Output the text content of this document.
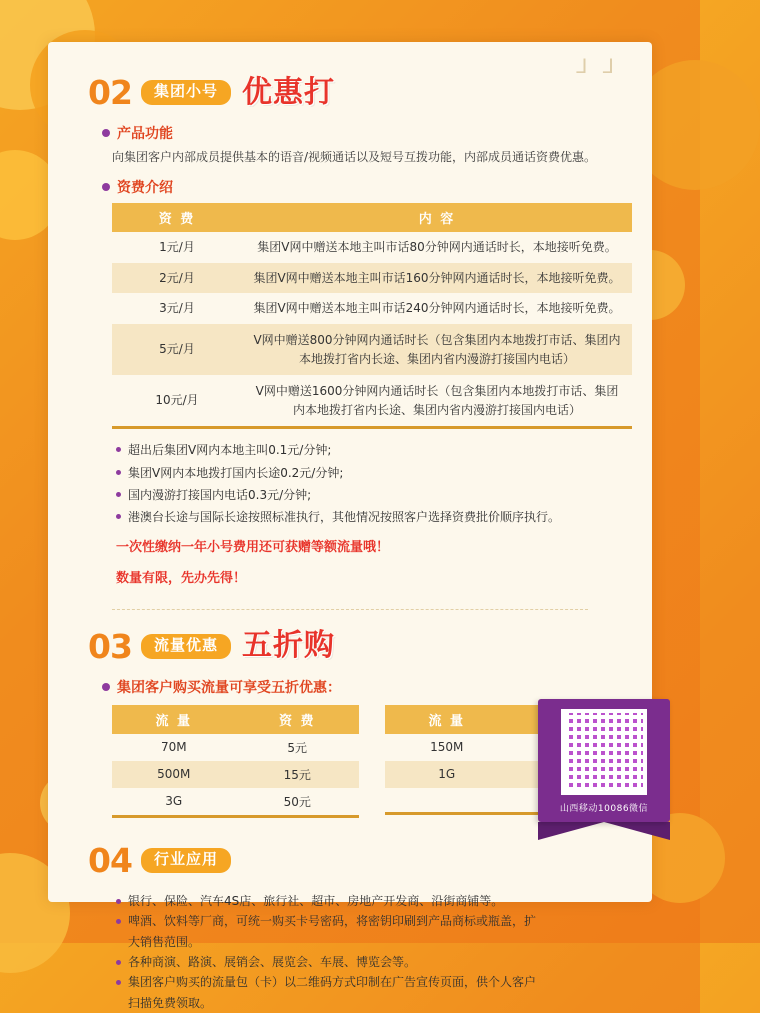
ᒧ ᒧ
02	集团小号 优惠打
产品功能

向集团客户内部成员提供基本的语音/视频通话以及短号互拨功能，内部成员通话资费优惠。

资费介绍
资 费	内 容
1元/月	集团V网中赠送本地主叫市话80分钟网内通话时长，本地接听免费。
2元/月	集团V网中赠送本地主叫市话160分钟网内通话时长，本地接听免费。
3元/月	集团V网中赠送本地主叫市话240分钟网内通话时长，本地接听免费。
5元/月	V网中赠送800分钟网内通话时长（包含集团内本地拨打市话、集团内本地拨打省内长途、集团内省内漫游打接国内电话）
10元/月	V网中赠送1600分钟网内通话时长（包含集团内本地拨打市话、集团内本地拨打省内长途、集团内省内漫游打接国内电话）
超出后集团V网内本地主叫0.1元/分钟;
集团V网内本地拨打国内长途0.2元/分钟;
国内漫游打接国内电话0.3元/分钟;
港澳台长途与国际长途按照标准执行，其他情况按照客户选择资费批价顺序执行。
一次性缴纳一年小号费用还可获赠等额流量哦！
数量有限，先办先得！
03	流量优惠 五折购
集团客户购买流量可享受五折优惠：
流 量	资 费
70M	5元
500M	15元
3G	50元
流 量	
150M	
1G	

04	行业应用
银行、保险、汽车4S店、旅行社、超市、房地产开发商、沿街商铺等。
啤酒、饮料等厂商，可统一购买卡号密码，将密钥印刷到产品商标或瓶盖，扩大销售范围。
各种商演、路演、展销会、展览会、车展、博览会等。
集团客户购买的流量包（卡）以二维码方式印制在广告宣传页面，供个人客户扫描免费领取。
山西移动10086微信
